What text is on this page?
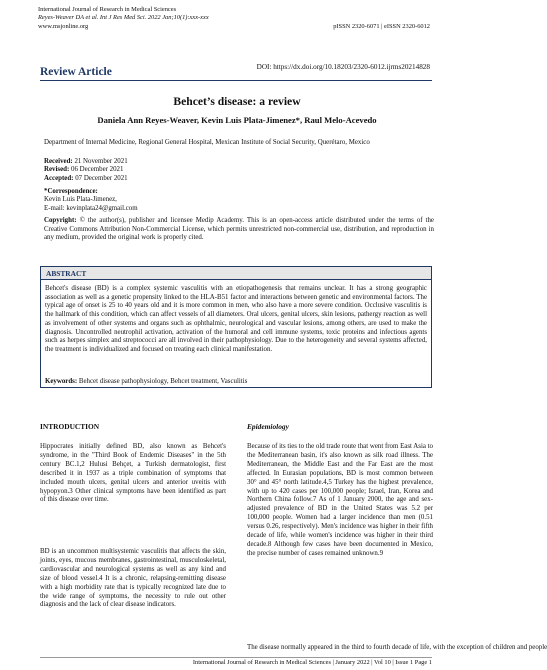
International Journal of Research in Medical Sciences
Reyes-Weaver DA et al. Int J Res Med Sci. 2022 Jan;10(1):xxx-xxx
www.msjonline.org	pISSN 2320-6071 | eISSN 2320-6012
Review Article	DOI: https://dx.doi.org/10.18203/2320-6012.ijrms20214828
Behcet’s disease: a review
Daniela Ann Reyes-Weaver, Kevin Luis Plata-Jimenez*, Raul Melo-Acevedo
Department of Internal Medicine, Regional General Hospital, Mexican Institute of Social Security, Querétaro, Mexico
Received: 21 November 2021
Revised: 06 December 2021
Accepted: 07 December 2021
*Correspondence:
Kevin Luis Plata-Jimenez,
E-mail: kevinplata24@gmail.com
Copyright: © the author(s), publisher and licensee Medip Academy. This is an open-access article distributed under the terms of the Creative Commons Attribution Non-Commercial License, which permits unrestricted non-commercial use, distribution, and reproduction in any medium, provided the original work is properly cited.
ABSTRACT
Behcet's disease (BD) is a complex systemic vasculitis with an etiopathogenesis that remains unclear. It has a strong geographic association as well as a genetic propensity linked to the HLA-B51 factor and interactions between genetic and environmental factors. The typical age of onset is 25 to 40 years old and it is more common in men, who also have a more severe condition. Occlusive vasculitis is the hallmark of this condition, which can affect vessels of all diameters. Oral ulcers, genital ulcers, skin lesions, pathergy reaction as well as involvement of other systems and organs such as ophthalmic, neurological and vascular lesions, among others, are used to make the diagnosis. Uncontrolled neutrophil activation, activation of the humoral and cell immune systems, toxic proteins and infectious agents such as herpes simplex and streptococci are all involved in their pathophysiology. Due to the heterogeneity and several systems affected, the treatment is individualized and focused on treating each clinical manifestation.
Keywords: Behcet disease pathophysiology, Behcet treatment, Vasculitis
INTRODUCTION	Epidemiology
Hippocrates initially defined BD, also known as Behcet's syndrome, in the "Third Book of Endemic Diseases" in the 5th century BC.1,2 Hulusi Behçet, a Turkish dermatologist, first described it in 1937 as a triple combination of symptoms that included mouth ulcers, genital ulcers and anterior uveitis with hypopyon.3 Other clinical symptoms have been identified as part of this disease over time.
BD is an uncommon multisystemic vasculitis that affects the skin, joints, eyes, mucous membranes, gastrointestinal, musculoskeletal, cardiovascular and neurological systems as well as any kind and size of blood vessel.4 It is a chronic, relapsing-remitting disease with a high morbidity rate that is typically recognized late due to the wide range of symptoms, the necessity to rule out other diagnosis and the lack of clear disease indicators.
Because of its ties to the old trade route that went from East Asia to the Mediterranean basin, it's also known as silk road illness. The Mediterranean, the Middle East and the Far East are the most affected. In Eurasian populations, BD is most common between 30° and 45° north latitude.4,5 Turkey has the highest prevalence, with up to 420 cases per 100,000 people; Israel, Iran, Korea and Northern China follow.7 As of 1 January 2000, the age and sex-adjusted prevalence of BD in the United States was 5.2 per 100,000 people. Women had a larger incidence than men (0.51 versus 0.26, respectively). Men's incidence was higher in their fifth decade of life, while women's incidence was higher in their third decade.8 Although few cases have been documented in Mexico, the precise number of cases remained unknown.9
The disease normally appeared in the third to fourth decade of life, with the exception of children and people
International Journal of Research in Medical Sciences | January 2022 | Vol 10 | Issue 1 Page 1
